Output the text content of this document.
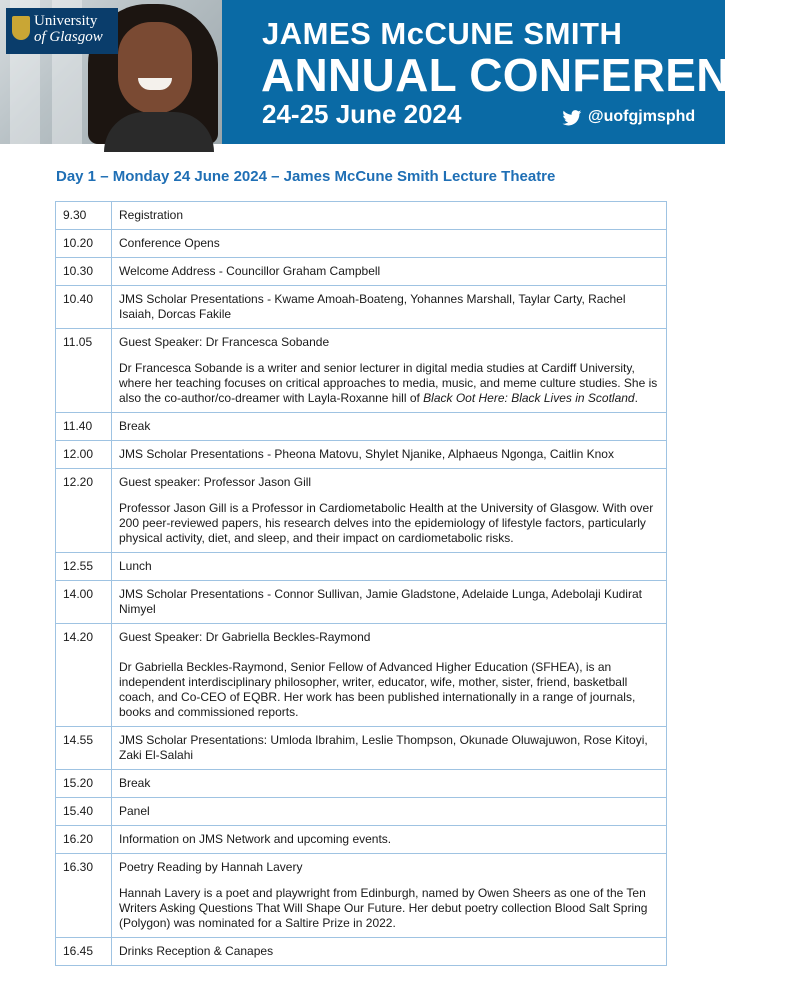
University
of Glasgow	JAMES McCUNE SMITH
ANNUAL CONFERENCE
24-25 June 2024	@uofgjmsphd
Day 1 – Monday 24 June 2024 – James McCune Smith Lecture Theatre
9.30	Registration

10.20	Conference Opens

10.30	Welcome Address - Councillor Graham Campbell

10.40	JMS Scholar Presentations - Kwame Amoah-Boateng, Yohannes Marshall, Taylar Carty, Rachel Isaiah, Dorcas Fakile

11.05	Guest Speaker: Dr Francesca Sobande

Dr Francesca Sobande is a writer and senior lecturer in digital media studies at Cardiff University, where her teaching focuses on critical approaches to media, music, and meme culture studies. She is also the co-author/co-dreamer with Layla-Roxanne hill of Black Oot Here: Black Lives in Scotland.

11.40	Break

12.00	JMS Scholar Presentations - Pheona Matovu, Shylet Njanike, Alphaeus Ngonga, Caitlin Knox

12.20	Guest speaker: Professor Jason Gill

Professor Jason Gill is a Professor in Cardiometabolic Health at the University of Glasgow. With over 200 peer-reviewed papers, his research delves into the epidemiology of lifestyle factors, particularly physical activity, diet, and sleep, and their impact on cardiometabolic risks.

12.55	Lunch

14.00	JMS Scholar Presentations - Connor Sullivan, Jamie Gladstone, Adelaide Lunga, Adebolaji Kudirat Nimyel

14.20	Guest Speaker: Dr Gabriella Beckles-Raymond

Dr Gabriella Beckles-Raymond, Senior Fellow of Advanced Higher Education (SFHEA), is an independent interdisciplinary philosopher, writer, educator, wife, mother, sister, friend, basketball coach, and Co-CEO of EQBR. Her work has been published internationally in a range of journals, books and commissioned reports.

14.55	JMS Scholar Presentations: Umloda Ibrahim, Leslie Thompson, Okunade Oluwajuwon, Rose Kitoyi, Zaki El-Salahi

15.20	Break

15.40	Panel

16.20	Information on JMS Network and upcoming events.

16.30	Poetry Reading by Hannah Lavery

Hannah Lavery is a poet and playwright from Edinburgh, named by Owen Sheers as one of the Ten Writers Asking Questions That Will Shape Our Future. Her debut poetry collection Blood Salt Spring (Polygon) was nominated for a Saltire Prize in 2022.

16.45	Drinks Reception & Canapes
